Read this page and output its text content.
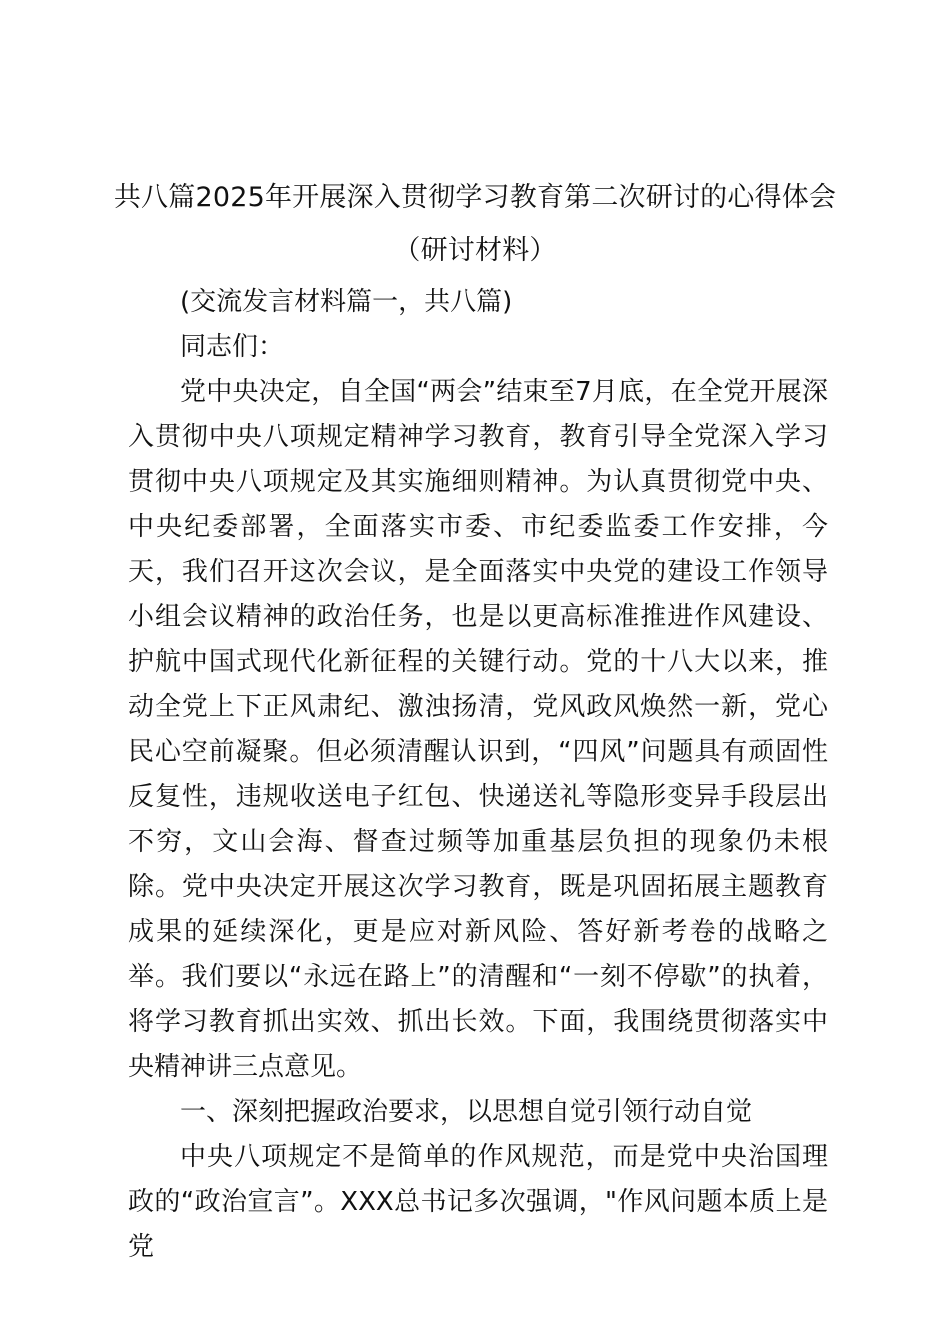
共八篇2025年开展深入贯彻学习教育第二次研讨的心得体会
（研讨材料）

(交流发言材料篇一，共八篇)

同志们：

党中央决定，自全国“两会”结束至7月底，在全党开展深入贯彻中央八项规定精神学习教育，教育引导全党深入学习贯彻中央八项规定及其实施细则精神。为认真贯彻党中央、中央纪委部署，全面落实市委、市纪委监委工作安排，今天，我们召开这次会议，是全面落实中央党的建设工作领导小组会议精神的政治任务，也是以更高标准推进作风建设、护航中国式现代化新征程的关键行动。党的十八大以来，推动全党上下正风肃纪、激浊扬清，党风政风焕然一新，党心民心空前凝聚。但必须清醒认识到，“四风”问题具有顽固性反复性，违规收送电子红包、快递送礼等隐形变异手段层出不穷，文山会海、督查过频等加重基层负担的现象仍未根除。党中央决定开展这次学习教育，既是巩固拓展主题教育成果的延续深化，更是应对新风险、答好新考卷的战略之举。我们要以“永远在路上”的清醒和“一刻不停歇”的执着，将学习教育抓出实效、抓出长效。下面，我围绕贯彻落实中央精神讲三点意见。

一、深刻把握政治要求，以思想自觉引领行动自觉

中央八项规定不是简单的作风规范，而是党中央治国理政的“政治宣言”。XXX总书记多次强调，"作风问题本质上是党
